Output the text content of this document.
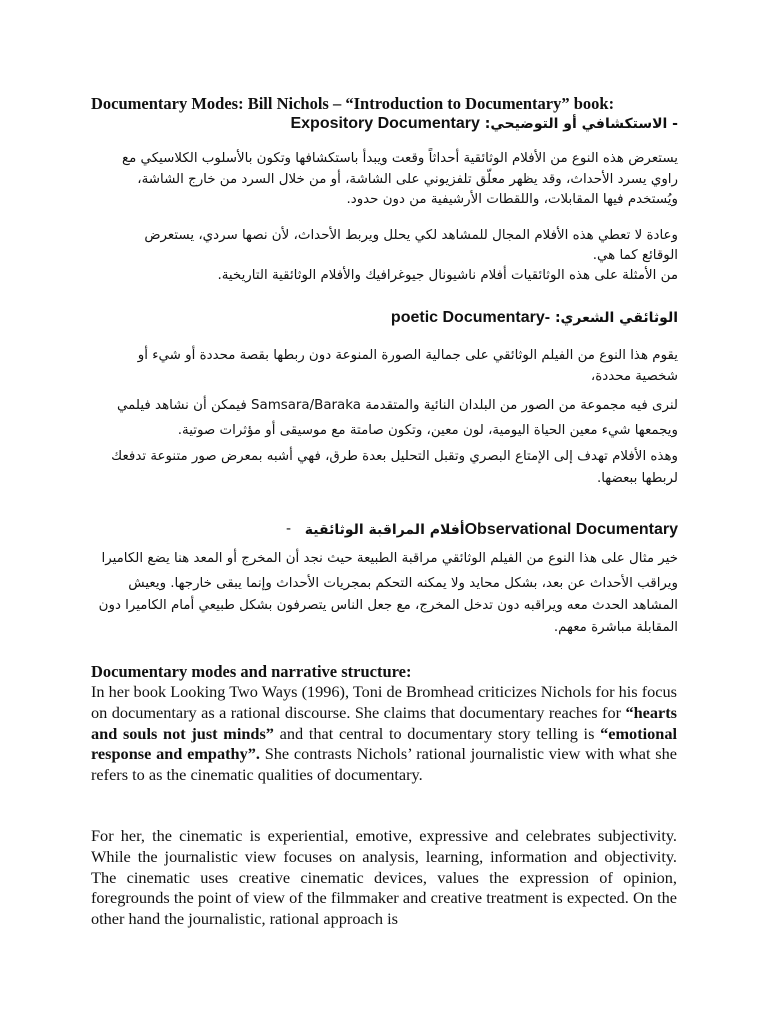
Documentary Modes: Bill Nichols – “Introduction to Documentary” book:
- الاستكشافي أو التوضيحي: Expository Documentary
يستعرض هذه النوع من الأفلام الوثائقية أحداثاً وقعت ويبدأ باستكشافها وتكون بالأسلوب الكلاسيكي مع
راوي يسرد الأحداث، وقد يظهر معلّق تلفزيوني على الشاشة، أو من خلال السرد من خارج الشاشة،
ويُستخدم فيها المقابلات، واللقطات الأرشيفية من دون حدود.
وعادة لا تعطي هذه الأفلام المجال للمشاهد لكي يحلل ويربط الأحداث، لأن نصها سردي، يستعرض
الوقائع كما هي.
من الأمثلة على هذه الوثائقيات أفلام ناشيونال جيوغرافيك والأفلام الوثائقية التاريخية.
الوثائقي الشعري: poetic Documentary-
يقوم هذا النوع من الفيلم الوثائقي على جمالية الصورة المنوعة دون ربطها بقصة محددة أو شيء أو
شخصية محددة،
لنرى فيه مجموعة من الصور من البلدان النائية والمتقدمة Samsara/Baraka فيمكن أن نشاهد فيلمي
ويجمعها شيء معين الحياة اليومية، لون معين، وتكون صامتة مع موسيقى أو مؤثرات صوتية.
وهذه الأفلام تهدف إلى الإمتاع البصري وتقبل التحليل بعدة طرق، فهي أشبه بمعرض صور متنوعة تدفعك
لربطها ببعضها.
Observational Documentaryأفلام المراقبة الوثائقية
-
خير مثال على هذا النوع من الفيلم الوثائقي مراقبة الطبيعة حيث نجد أن المخرج أو المعد هنا يضع الكاميرا
ويراقب الأحداث عن بعد، بشكل محايد ولا يمكنه التحكم بمجريات الأحداث وإنما يبقى خارجها. ويعيش
المشاهد الحدث معه ويراقبه دون تدخل المخرج، مع جعل الناس يتصرفون بشكل طبيعي أمام الكاميرا دون
المقابلة مباشرة معهم.
Documentary modes and narrative structure:

In her book Looking Two Ways (1996), Toni de Bromhead criticizes Nichols for his focus on documentary as a rational discourse. She claims that documentary reaches for “hearts and souls not just minds” and that central to documentary story telling is “emotional response and empathy”. She contrasts Nichols’ rational journalistic view with what she refers to as the cinematic qualities of documentary.

For her, the cinematic is experiential, emotive, expressive and celebrates subjectivity. While the journalistic view focuses on analysis, learning, information and objectivity. The cinematic uses creative cinematic devices, values the expression of opinion, foregrounds the point of view of the filmmaker and creative treatment is expected. On the other hand the journalistic, rational approach is
